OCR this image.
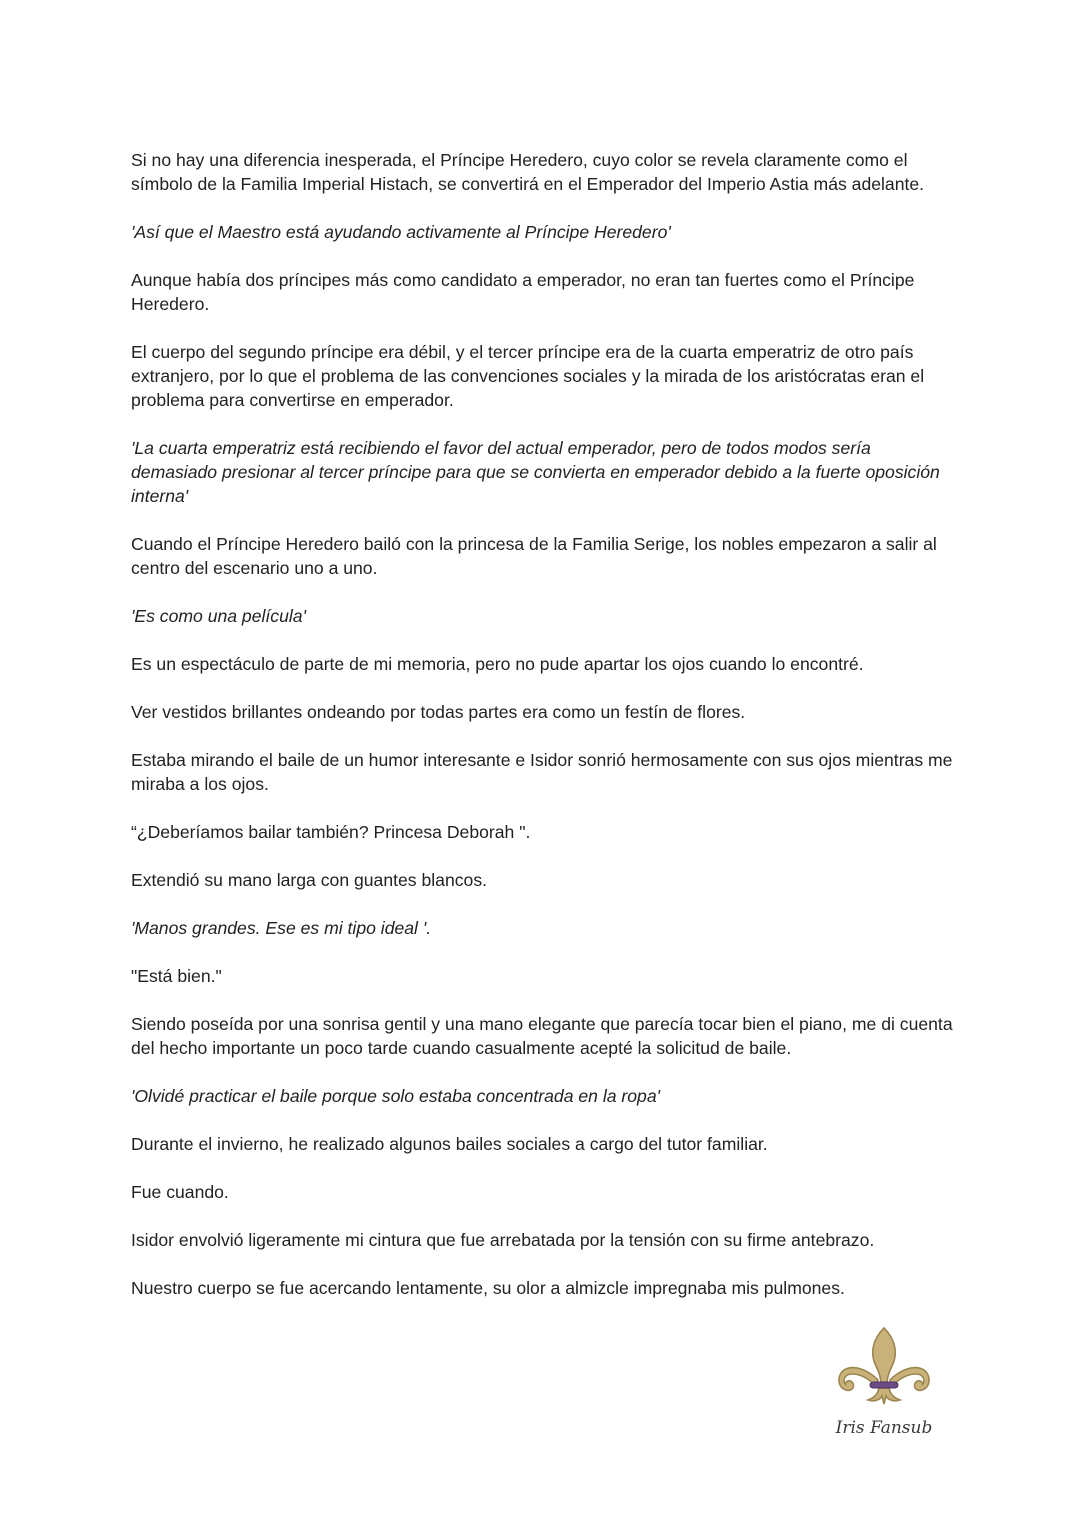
Si no hay una diferencia inesperada, el Príncipe Heredero, cuyo color se revela claramente como el símbolo de la Familia Imperial Histach, se convertirá en el Emperador del Imperio Astia más adelante.

'Así que el Maestro está ayudando activamente al Príncipe Heredero'

Aunque había dos príncipes más como candidato a emperador, no eran tan fuertes como el Príncipe Heredero.

El cuerpo del segundo príncipe era débil, y el tercer príncipe era de la cuarta emperatriz de otro país extranjero, por lo que el problema de las convenciones sociales y la mirada de los aristócratas eran el problema para convertirse en emperador.

'La cuarta emperatriz está recibiendo el favor del actual emperador, pero de todos modos sería demasiado presionar al tercer príncipe para que se convierta en emperador debido a la fuerte oposición interna'

Cuando el Príncipe Heredero bailó con la princesa de la Familia Serige, los nobles empezaron a salir al centro del escenario uno a uno.

'Es como una película'

Es un espectáculo de parte de mi memoria, pero no pude apartar los ojos cuando lo encontré.

Ver vestidos brillantes ondeando por todas partes era como un festín de flores.

Estaba mirando el baile de un humor interesante e Isidor sonrió hermosamente con sus ojos mientras me miraba a los ojos.

“¿Deberíamos bailar también? Princesa Deborah ".

Extendió su mano larga con guantes blancos.

'Manos grandes. Ese es mi tipo ideal '.

"Está bien."

Siendo poseída por una sonrisa gentil y una mano elegante que parecía tocar bien el piano, me di cuenta del hecho importante un poco tarde cuando casualmente acepté la solicitud de baile.

'Olvidé practicar el baile porque solo estaba concentrada en la ropa'

Durante el invierno, he realizado algunos bailes sociales a cargo del tutor familiar.

Fue cuando.

Isidor envolvió ligeramente mi cintura que fue arrebatada por la tensión con su firme antebrazo.

Nuestro cuerpo se fue acercando lentamente, su olor a almizcle impregnaba mis pulmones.

Iris Fansub
